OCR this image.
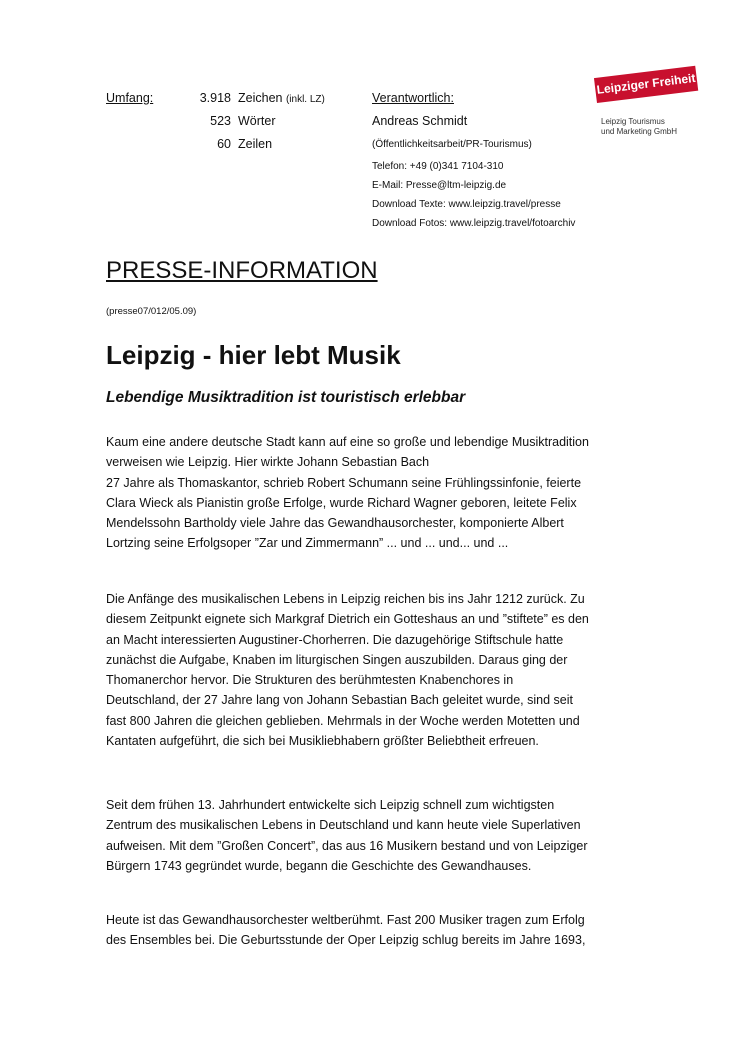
Umfang:	3.918 Zeichen (inkl. LZ)
523 Wörter
60 Zeilen
Verantwortlich:
Andreas Schmidt
(Öffentlichkeitsarbeit/PR-Tourismus)
Telefon: +49 (0)341 7104-310
E-Mail: Presse@ltm-leipzig.de
Download Texte: www.leipzig.travel/presse
Download Fotos: www.leipzig.travel/fotoarchiv
Leipziger Freiheit
Leipzig Tourismus
und Marketing GmbH
PRESSE-INFORMATION
(presse07/012/05.09)
Leipzig - hier lebt Musik
Lebendige Musiktradition ist touristisch erlebbar
Kaum eine andere deutsche Stadt kann auf eine so große und lebendige Musiktradition
verweisen wie Leipzig. Hier wirkte Johann Sebastian Bach
27 Jahre als Thomaskantor, schrieb Robert Schumann seine Frühlingssinfonie, feierte
Clara Wieck als Pianistin große Erfolge, wurde Richard Wagner geboren, leitete Felix
Mendelssohn Bartholdy viele Jahre das Gewandhausorchester, komponierte Albert
Lortzing seine Erfolgsoper ”Zar und Zimmermann” ... und ... und... und ...
Die Anfänge des musikalischen Lebens in Leipzig reichen bis ins Jahr 1212 zurück. Zu
diesem Zeitpunkt eignete sich Markgraf Dietrich ein Gotteshaus an und ”stiftete” es den
an Macht interessierten Augustiner-Chorherren. Die dazugehörige Stiftschule hatte
zunächst die Aufgabe, Knaben im liturgischen Singen auszubilden. Daraus ging der
Thomanerchor hervor. Die Strukturen des berühmtesten Knabenchores in
Deutschland, der 27 Jahre lang von Johann Sebastian Bach geleitet wurde, sind seit
fast 800 Jahren die gleichen geblieben. Mehrmals in der Woche werden Motetten und
Kantaten aufgeführt, die sich bei Musikliebhabern größter Beliebtheit erfreuen.
Seit dem frühen 13. Jahrhundert entwickelte sich Leipzig schnell zum wichtigsten
Zentrum des musikalischen Lebens in Deutschland und kann heute viele Superlativen
aufweisen. Mit dem ”Großen Concert”, das aus 16 Musikern bestand und von Leipziger
Bürgern 1743 gegründet wurde, begann die Geschichte des Gewandhauses.
Heute ist das Gewandhausorchester weltberühmt. Fast 200 Musiker tragen zum Erfolg
des Ensembles bei. Die Geburtsstunde der Oper Leipzig schlug bereits im Jahre 1693,
